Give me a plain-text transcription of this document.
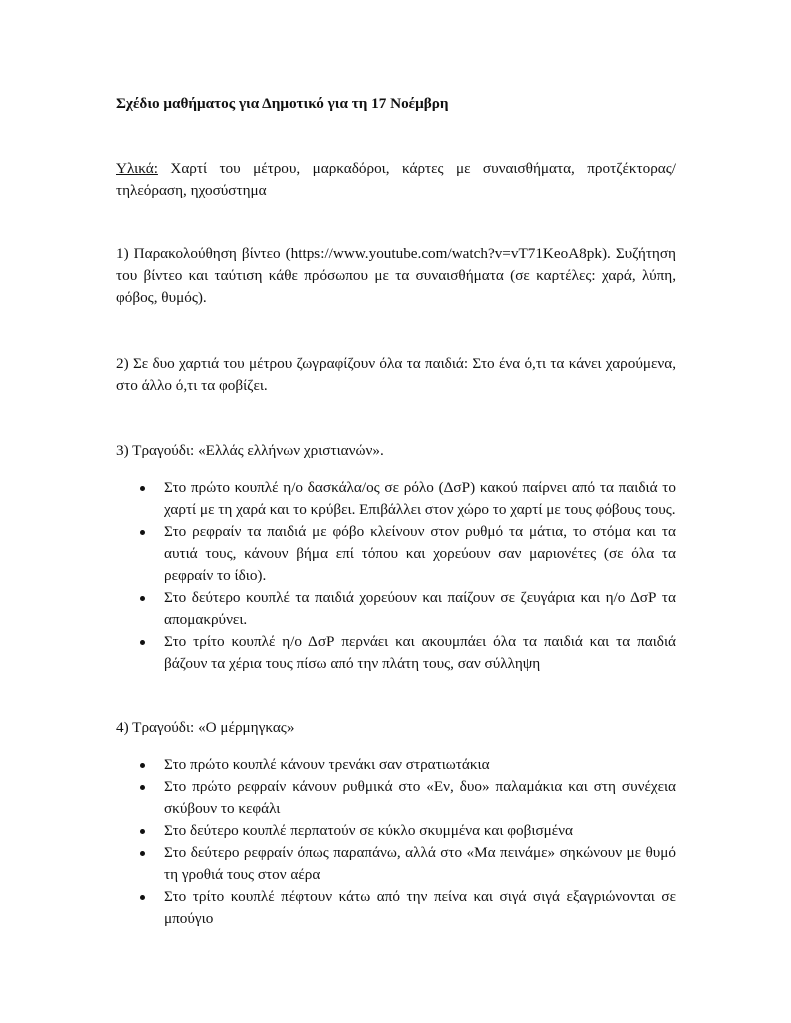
Σχέδιο μαθήματος για Δημοτικό για τη 17 Νοέμβρη

Υλικά: Χαρτί του μέτρου, μαρκαδόροι, κάρτες με συναισθήματα, προτζέκτορας/τηλεόραση, ηχοσύστημα

1) Παρακολούθηση βίντεο (https://www.youtube.com/watch?v=vT71KeoA8pk). Συζήτηση του βίντεο και ταύτιση κάθε πρόσωπου με τα συναισθήματα (σε καρτέλες: χαρά, λύπη, φόβος, θυμός).

2) Σε δυο χαρτιά του μέτρου ζωγραφίζουν όλα τα παιδιά: Στο ένα ό,τι τα κάνει χαρούμενα, στο άλλο ό,τι τα φοβίζει.

3) Τραγούδι: «Ελλάς ελλήνων χριστιανών».

Στο πρώτο κουπλέ η/ο δασκάλα/ος σε ρόλο (ΔσΡ) κακού παίρνει από τα παιδιά το χαρτί με τη χαρά και το κρύβει. Επιβάλλει στον χώρο το χαρτί με τους φόβους τους.
Στο ρεφραίν τα παιδιά με φόβο κλείνουν στον ρυθμό τα μάτια, το στόμα και τα αυτιά τους, κάνουν βήμα επί τόπου και χορεύουν σαν μαριονέτες (σε όλα τα ρεφραίν το ίδιο).
Στο δεύτερο κουπλέ τα παιδιά χορεύουν και παίζουν σε ζευγάρια και η/ο ΔσΡ τα απομακρύνει.
Στο τρίτο κουπλέ η/ο ΔσΡ περνάει και ακουμπάει όλα τα παιδιά και τα παιδιά βάζουν τα χέρια τους πίσω από την πλάτη τους, σαν σύλληψη

4) Τραγούδι: «Ο μέρμηγκας»

Στο πρώτο κουπλέ κάνουν τρενάκι σαν στρατιωτάκια
Στο πρώτο ρεφραίν κάνουν ρυθμικά στο «Εν, δυο» παλαμάκια και στη συνέχεια σκύβουν το κεφάλι
Στο δεύτερο κουπλέ περπατούν σε κύκλο σκυμμένα και φοβισμένα
Στο δεύτερο ρεφραίν όπως παραπάνω, αλλά στο «Μα πεινάμε» σηκώνουν με θυμό τη γροθιά τους στον αέρα
Στο τρίτο κουπλέ πέφτουν κάτω από την πείνα και σιγά σιγά εξαγριώνονται σε μπούγιο
